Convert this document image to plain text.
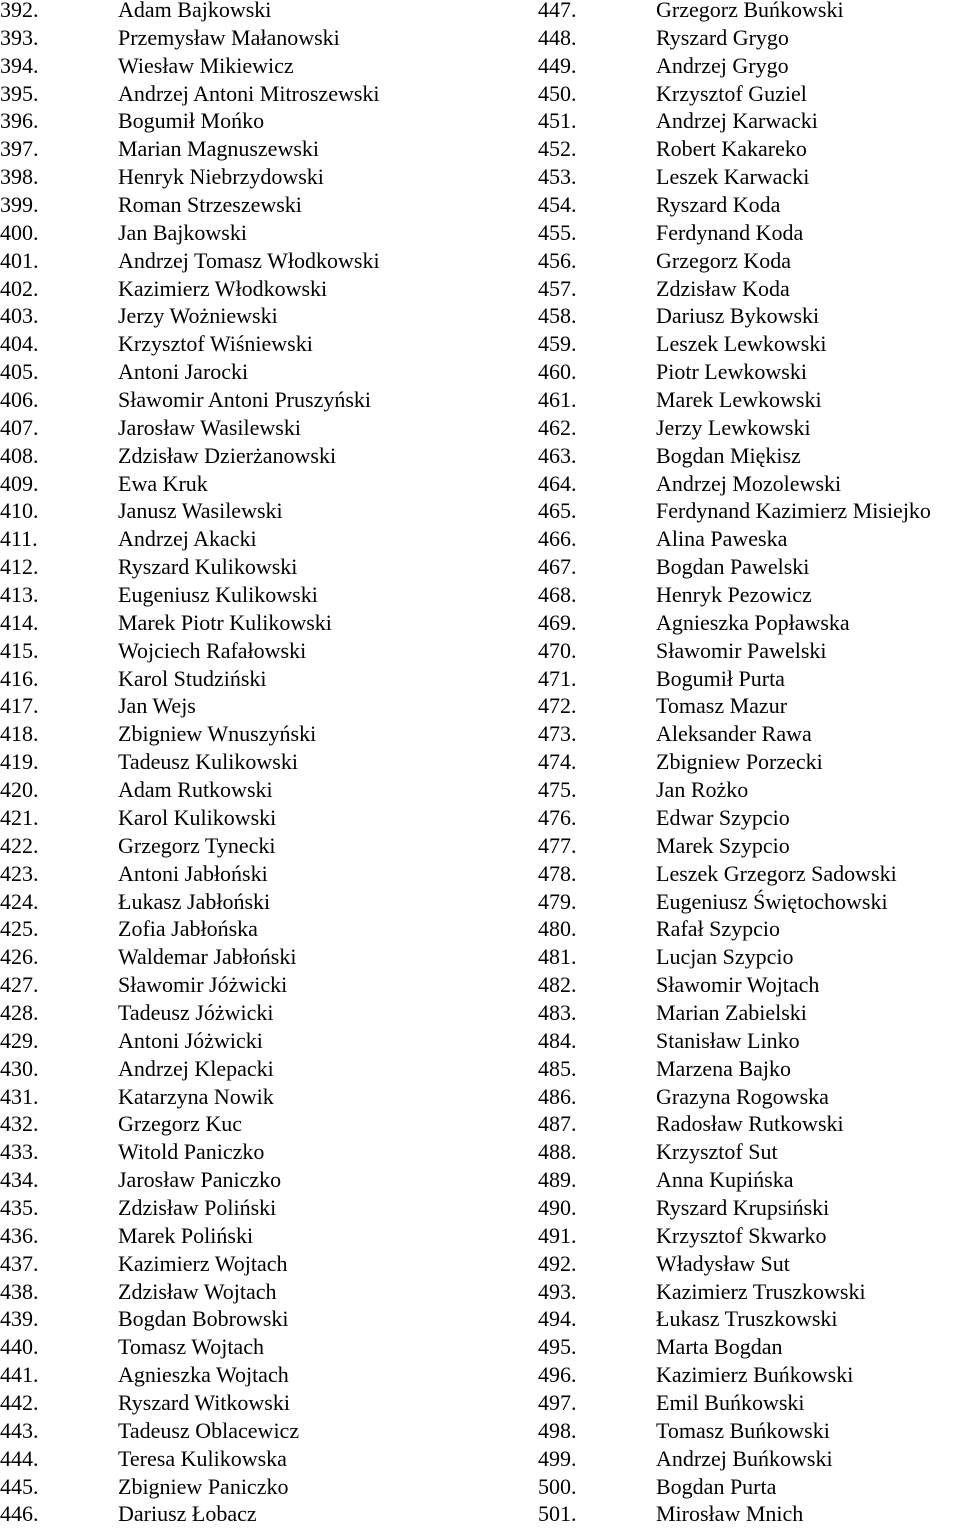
392.	Adam Bajkowski
393.	Przemysław Małanowski
394.	Wiesław Mikiewicz
395.	Andrzej Antoni Mitroszewski
396.	Bogumił Mońko
397.	Marian Magnuszewski
398.	Henryk Niebrzydowski
399.	Roman Strzeszewski
400.	Jan Bajkowski
401.	Andrzej Tomasz Włodkowski
402.	Kazimierz Włodkowski
403.	Jerzy Wożniewski
404.	Krzysztof Wiśniewski
405.	Antoni Jarocki
406.	Sławomir Antoni Pruszyński
407.	Jarosław Wasilewski
408.	Zdzisław Dzierżanowski
409.	Ewa Kruk
410.	Janusz Wasilewski
411.	Andrzej Akacki
412.	Ryszard Kulikowski
413.	Eugeniusz Kulikowski
414.	Marek Piotr Kulikowski
415.	Wojciech Rafałowski
416.	Karol Studziński
417.	Jan Wejs
418.	Zbigniew Wnuszyński
419.	Tadeusz Kulikowski
420.	Adam Rutkowski
421.	Karol Kulikowski
422.	Grzegorz Tynecki
423.	Antoni Jabłoński
424.	Łukasz Jabłoński
425.	Zofia Jabłońska
426.	Waldemar Jabłoński
427.	Sławomir Jóżwicki
428.	Tadeusz Jóżwicki
429.	Antoni Jóżwicki
430.	Andrzej Klepacki
431.	Katarzyna Nowik
432.	Grzegorz Kuc
433.	Witold Paniczko
434.	Jarosław Paniczko
435.	Zdzisław Poliński
436.	Marek Poliński
437.	Kazimierz Wojtach
438.	Zdzisław Wojtach
439.	Bogdan Bobrowski
440.	Tomasz Wojtach
441.	Agnieszka Wojtach
442.	Ryszard Witkowski
443.	Tadeusz Oblacewicz
444.	Teresa Kulikowska
445.	Zbigniew Paniczko
446.	Dariusz Łobacz
447.	Grzegorz Buńkowski
448.	Ryszard Grygo
449.	Andrzej Grygo
450.	Krzysztof Guziel
451.	Andrzej Karwacki
452.	Robert Kakareko
453.	Leszek Karwacki
454.	Ryszard Koda
455.	Ferdynand Koda
456.	Grzegorz Koda
457.	Zdzisław Koda
458.	Dariusz Bykowski
459.	Leszek Lewkowski
460.	Piotr Lewkowski
461.	Marek Lewkowski
462.	Jerzy Lewkowski
463.	Bogdan Miękisz
464.	Andrzej Mozolewski
465.	Ferdynand Kazimierz Misiejko
466.	Alina Paweska
467.	Bogdan Pawelski
468.	Henryk Pezowicz
469.	Agnieszka Popławska
470.	Sławomir Pawelski
471.	Bogumił Purta
472.	Tomasz Mazur
473.	Aleksander Rawa
474.	Zbigniew Porzecki
475.	Jan Rożko
476.	Edwar Szypcio
477.	Marek Szypcio
478.	Leszek Grzegorz Sadowski
479.	Eugeniusz Świętochowski
480.	Rafał Szypcio
481.	Lucjan Szypcio
482.	Sławomir Wojtach
483.	Marian Zabielski
484.	Stanisław Linko
485.	Marzena Bajko
486.	Grazyna Rogowska
487.	Radosław Rutkowski
488.	Krzysztof Sut
489.	Anna Kupińska
490.	Ryszard Krupsiński
491.	Krzysztof Skwarko
492.	Władysław Sut
493.	Kazimierz Truszkowski
494.	Łukasz Truszkowski
495.	Marta Bogdan
496.	Kazimierz Buńkowski
497.	Emil Buńkowski
498.	Tomasz Buńkowski
499.	Andrzej Buńkowski
500.	Bogdan Purta
501.	Mirosław Mnich
